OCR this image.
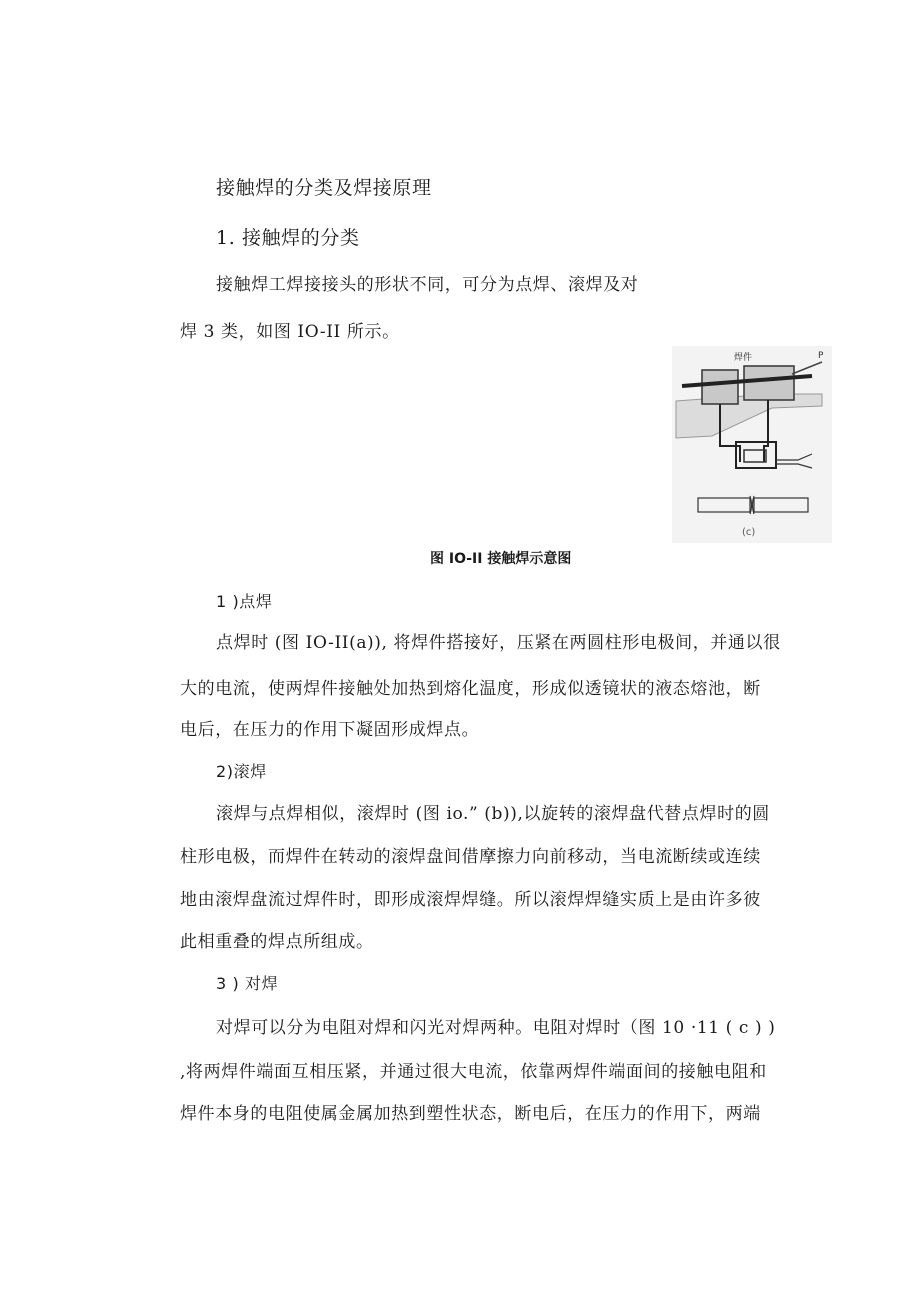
接触焊的分类及焊接原理
1. 接触焊的分类
接触焊工焊接接头的形状不同，可分为点焊、滚焊及对
焊 3 类，如图 IO-II 所示。
P
焊件
(c)
图 IO-II 接触焊示意图
1 )点焊
点焊时 (图 IO-II(a)), 将焊件搭接好，压紧在两圆柱形电极间，并通以很
大的电流，使两焊件接触处加热到熔化温度，形成似透镜状的液态熔池，断
电后，在压力的作用下凝固形成焊点。
2)滚焊
滚焊与点焊相似，滚焊时 (图 io.” (b)),以旋转的滚焊盘代替点焊时的圆
柱形电极，而焊件在转动的滚焊盘间借摩擦力向前移动，当电流断续或连续
地由滚焊盘流过焊件时，即形成滚焊焊缝。所以滚焊焊缝实质上是由许多彼
此相重叠的焊点所组成。
3 ) 对焊
对焊可以分为电阻对焊和闪光对焊两种。电阻对焊时（图 10 ·11 ( c ) )
,将两焊件端面互相压紧，并通过很大电流，依靠两焊件端面间的接触电阻和
焊件本身的电阻使属金属加热到塑性状态，断电后，在压力的作用下，两端
